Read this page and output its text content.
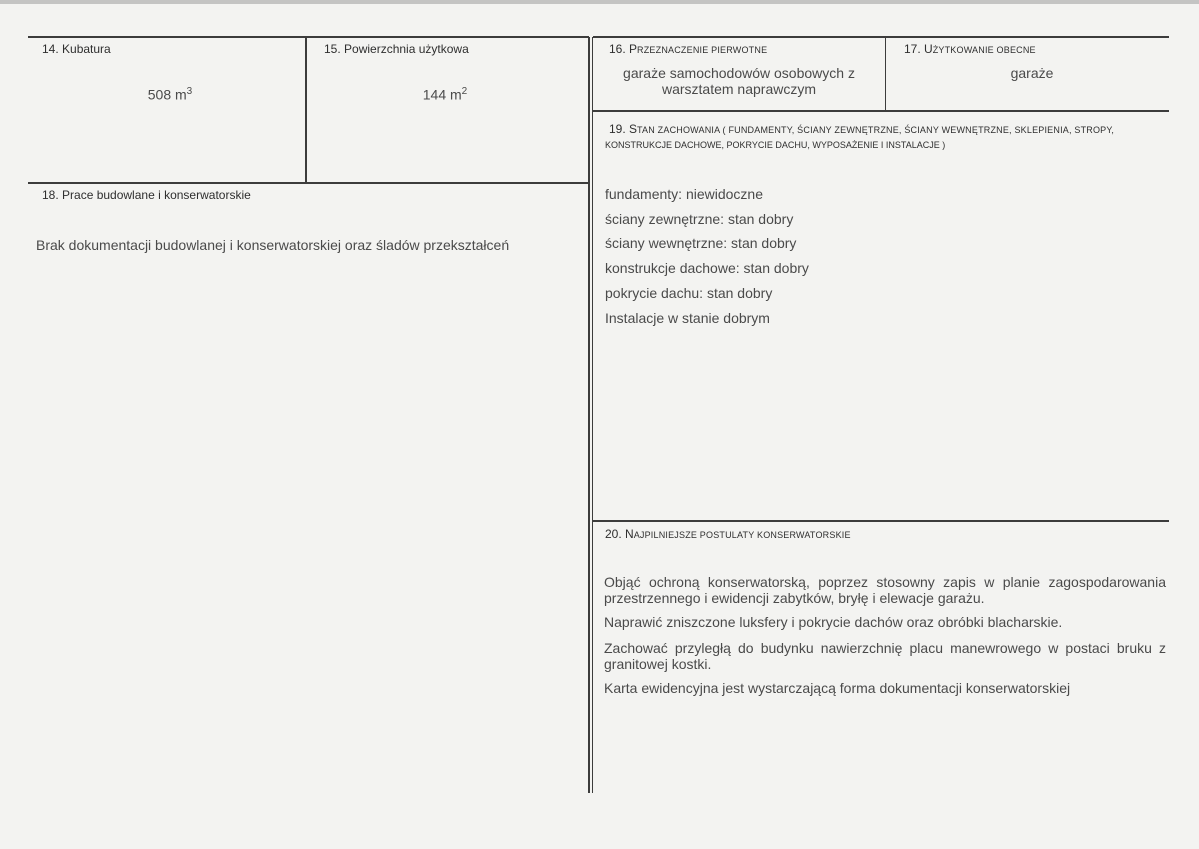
14. Kubatura
508 $m^3$
15. Powierzchnia użytkowa
144 $m^2$
16. PRZEZNACZENIE PIERWOTNE
garaże samochodowów osobowych z warsztatem naprawczym
17. UŻYTKOWANIE OBECNE
garaże
18. Prace budowlane i konserwatorskie
Brak dokumentacji budowlanej i konserwatorskiej oraz śladów przekształceń
19. STAN ZACHOWANIA ( FUNDAMENTY, ŚCIANY ZEWNĘTRZNE, ŚCIANY WEWNĘTRZNE, SKLEPIENIA, STROPY,
KONSTRUKCJE DACHOWE, POKRYCIE DACHU, WYPOSAŻENIE I INSTALACJE )
fundamenty: niewidoczne
ściany zewnętrzne: stan dobry
ściany wewnętrzne: stan dobry
konstrukcje dachowe: stan dobry
pokrycie dachu: stan dobry
Instalacje w stanie dobrym
20. NAJPILNIEJSZE POSTULATY KONSERWATORSKIE
Objąć ochroną konserwatorską, poprzez stosowny zapis w planie zagospodarowania przestrzennego i ewidencji zabytków, bryłę i elewacje garażu.
Naprawić zniszczone luksfery i pokrycie dachów oraz obróbki blacharskie.
Zachować przyległą do budynku nawierzchnię placu manewrowego w postaci bruku z granitowej kostki.
Karta ewidencyjna jest wystarczającą forma dokumentacji konserwatorskiej
